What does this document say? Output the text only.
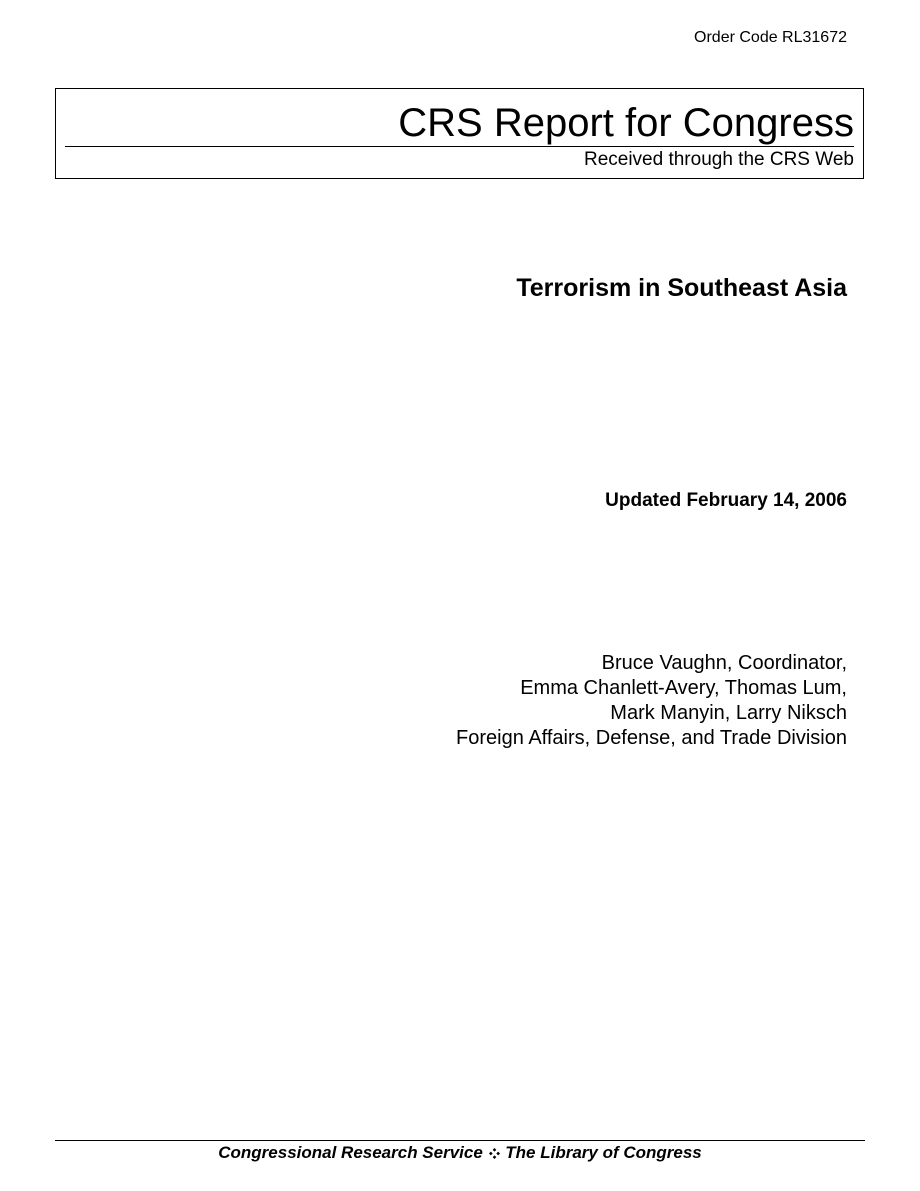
Order Code RL31672
CRS Report for Congress
Received through the CRS Web
Terrorism in Southeast Asia
Updated February 14, 2006
Bruce Vaughn, Coordinator,
Emma Chanlett-Avery, Thomas Lum,
Mark Manyin, Larry Niksch
Foreign Affairs, Defense, and Trade Division
Congressional Research Service The Library of Congress
